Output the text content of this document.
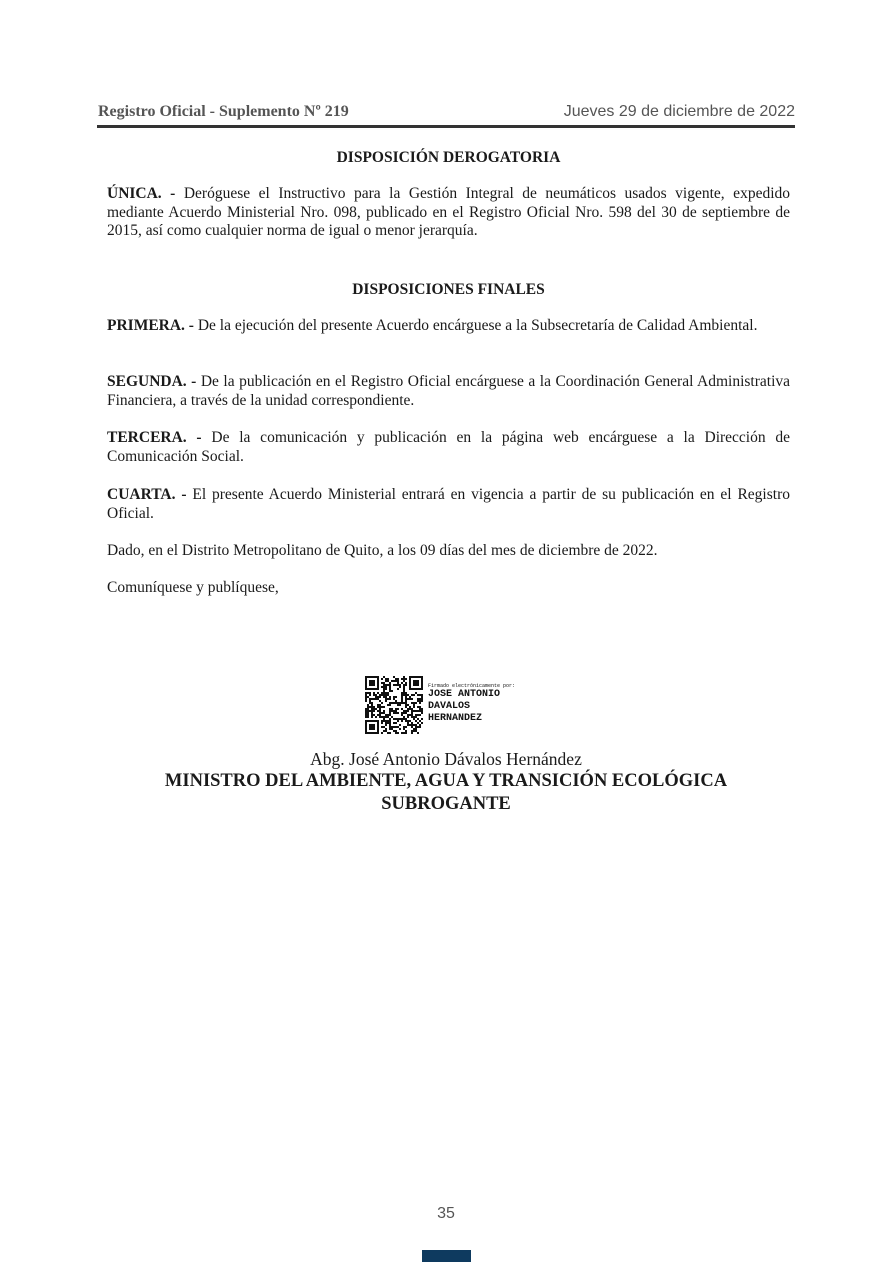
Registro Oficial - Suplemento Nº 219	Jueves 29 de diciembre de 2022
DISPOSICIÓN DEROGATORIA
ÚNICA. - Deróguese el Instructivo para la Gestión Integral de neumáticos usados vigente, expedido mediante Acuerdo Ministerial Nro. 098, publicado en el Registro Oficial Nro. 598 del 30 de septiembre de 2015, así como cualquier norma de igual o menor jerarquía.
DISPOSICIONES FINALES
PRIMERA. - De la ejecución del presente Acuerdo encárguese a la Subsecretaría de Calidad Ambiental.
SEGUNDA. - De la publicación en el Registro Oficial encárguese a la Coordinación General Administrativa Financiera, a través de la unidad correspondiente.
TERCERA. - De la comunicación y publicación en la página web encárguese a la Dirección de Comunicación Social.
CUARTA. - El presente Acuerdo Ministerial entrará en vigencia a partir de su publicación en el Registro Oficial.
Dado, en el Distrito Metropolitano de Quito, a los 09 días del mes de diciembre de 2022.
Comuníquese y publíquese,
Firmado electrónicamente por:
JOSE ANTONIO
DAVALOS
HERNANDEZ
Abg. José Antonio Dávalos Hernández
MINISTRO DEL AMBIENTE, AGUA Y TRANSICIÓN ECOLÓGICA
SUBROGANTE
35
